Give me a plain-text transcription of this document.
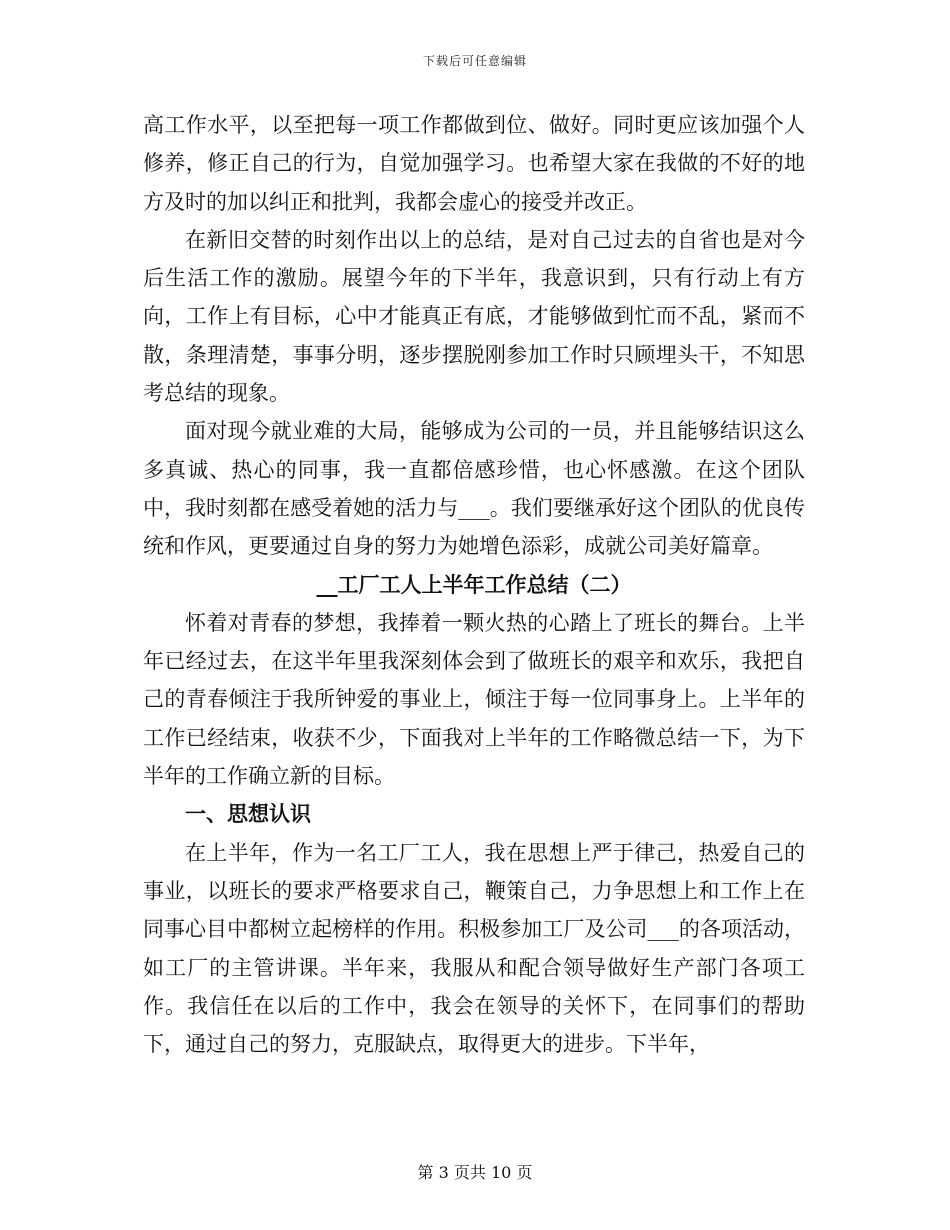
下载后可任意编辑

高工作水平，以至把每一项工作都做到位、做好。同时更应该加强个人修养，修正自己的行为，自觉加强学习。也希望大家在我做的不好的地方及时的加以纠正和批判，我都会虚心的接受并改正。

在新旧交替的时刻作出以上的总结，是对自己过去的自省也是对今后生活工作的激励。展望今年的下半年，我意识到，只有行动上有方向，工作上有目标，心中才能真正有底，才能够做到忙而不乱，紧而不散，条理清楚，事事分明，逐步摆脱刚参加工作时只顾埋头干，不知思考总结的现象。

面对现今就业难的大局，能够成为公司的一员，并且能够结识这么多真诚、热心的同事，我一直都倍感珍惜，也心怀感激。在这个团队中，我时刻都在感受着她的活力与___。我们要继承好这个团队的优良传统和作风，更要通过自身的努力为她增色添彩，成就公司美好篇章。

__工厂工人上半年工作总结（二）

怀着对青春的梦想，我捧着一颗火热的心踏上了班长的舞台。上半年已经过去，在这半年里我深刻体会到了做班长的艰辛和欢乐，我把自己的青春倾注于我所钟爱的事业上，倾注于每一位同事身上。上半年的工作已经结束，收获不少，下面我对上半年的工作略微总结一下，为下半年的工作确立新的目标。

一、思想认识

在上半年，作为一名工厂工人，我在思想上严于律己，热爱自己的事业，以班长的要求严格要求自己，鞭策自己，力争思想上和工作上在同事心目中都树立起榜样的作用。积极参加工厂及公司___的各项活动，如工厂的主管讲课。半年来，我服从和配合领导做好生产部门各项工作。我信任在以后的工作中，我会在领导的关怀下，在同事们的帮助下，通过自己的努力，克服缺点，取得更大的进步。下半年，

第 3 页共 10 页
